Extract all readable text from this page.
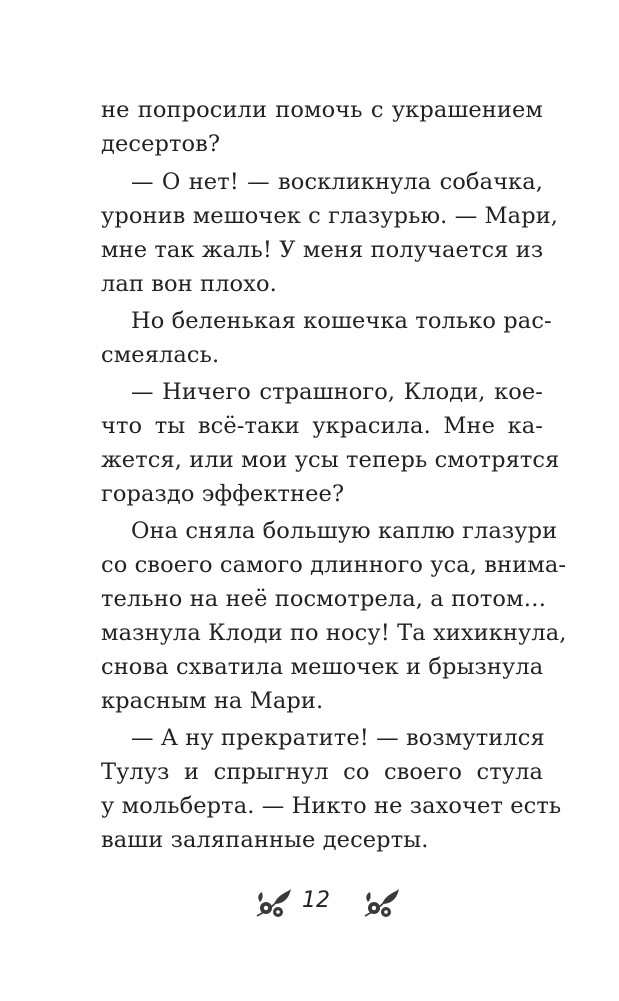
не попросили помочь с украшением
десертов?
— О нет! — воскликнула собачка,
уронив мешочек с глазурью. — Мари,
мне так жаль! У меня получается из
лап вон плохо.
Но беленькая кошечка только рас-
смеялась.
— Ничего страшного, Клоди, кое-
что ты всё-таки украсила. Мне ка-
жется, или мои усы теперь смотрятся
гораздо эффектнее?
Она сняла большую каплю глазури
со своего самого длинного уса, внима-
тельно на неё посмотрела, а потом…
мазнула Клоди по носу! Та хихикнула,
снова схватила мешочек и брызнула
красным на Мари.
— А ну прекратите! — возмутился
Тулуз и спрыгнул со своего стула
у мольберта. — Никто не захочет есть
ваши заляпанные десерты.
12
